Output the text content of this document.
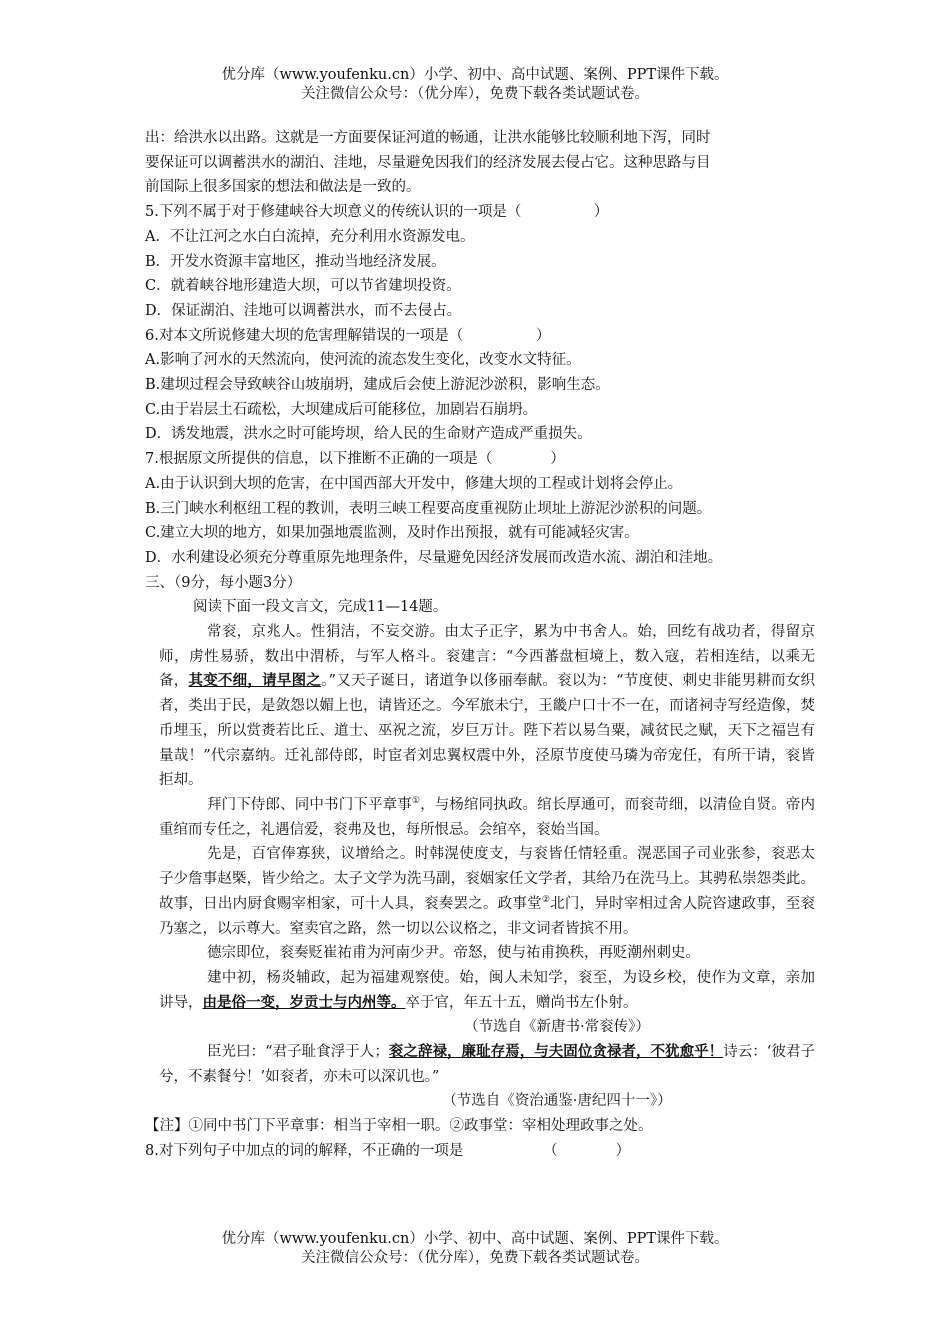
优分库（www.youfenku.cn）小学、初中、高中试题、案例、PPT课件下载。
关注微信公众号：（优分库），免费下载各类试题试卷。

出：给洪水以出路。这就是一方面要保证河道的畅通，让洪水能够比较顺利地下泻，同时

要保证可以调蓄洪水的湖泊、洼地，尽量避免因我们的经济发展去侵占它。这种思路与目

前国际上很多国家的想法和做法是一致的。

5.下列不属于对于修建峡谷大坝意义的传统认识的一项是（　　　　　）

A．不让江河之水白白流掉，充分利用水资源发电。

B．开发水资源丰富地区，推动当地经济发展。

C．就着峡谷地形建造大坝，可以节省建坝投资。

D．保证湖泊、洼地可以调蓄洪水，而不去侵占。

6.对本文所说修建大坝的危害理解错误的一项是（　　　　　）

A.影响了河水的天然流向，使河流的流态发生变化，改变水文特征。

B.建坝过程会导致峡谷山坡崩坍，建成后会使上游泥沙淤积，影响生态。

C.由于岩层土石疏松，大坝建成后可能移位，加剧岩石崩坍。

D．诱发地震，洪水之时可能垮坝，给人民的生命财产造成严重损失。

7.根据原文所提供的信息，以下推断不正确的一项是（　　　　）

A.由于认识到大坝的危害，在中国西部大开发中，修建大坝的工程或计划将会停止。

B.三门峡水利枢纽工程的教训，表明三峡工程要高度重视防止坝址上游泥沙淤积的问题。

C.建立大坝的地方，如果加强地震监测，及时作出预报，就有可能减轻灾害。

D．水利建设必须充分尊重原先地理条件，尽量避免因经济发展而改造水流、湖泊和洼地。

三、（9分，每小题3分）

阅读下面一段文言文，完成11—14题。

常衮，京兆人。性狷洁，不妄交游。由太子正字，累为中书舍人。始，回纥有战功者，得留京师，虏性易骄，数出中渭桥，与军人格斗。衮建言：“今西蕃盘桓境上，数入寇，若相连结，以乘无备，其变不细，请早图之。”又天子诞日，诸道争以侈丽奉献。衮以为：“节度使、刺史非能男耕而女织者，类出于民，是敛怨以媚上也，请皆还之。今军旅未宁，王畿户口十不一在，而诸祠寺写经造像，焚币埋玉，所以赏赉若比丘、道士、巫祝之流，岁巨万计。陛下若以易刍粟，减贫民之赋，天下之福岂有量哉！”代宗嘉纳。迁礼部侍郎，时宦者刘忠翼权震中外，泾原节度使马璘为帝宠任，有所干请，衮皆拒却。

拜门下侍郎、同中书门下平章事①，与杨绾同执政。绾长厚通可，而衮苛细，以清俭自贤。帝内重绾而专任之，礼遇信爱，衮弗及也，每所恨忌。会绾卒，衮始当国。

先是，百官俸寡狭，议增给之。时韩滉使度支，与衮皆任情轻重。滉恶国子司业张参，衮恶太子少詹事赵槩，皆少给之。太子文学为洗马副，衮姻家任文学者，其给乃在洗马上。其骋私崇怨类此。故事，日出内厨食赐宰相家，可十人具，衮奏罢之。政事堂②北门，异时宰相过舍人院咨逮政事，至衮乃塞之，以示尊大。窒卖官之路，然一切以公议格之，非文词者皆摈不用。

德宗即位，衮奏贬崔祐甫为河南少尹。帝怒，使与祐甫换秩，再贬潮州刺史。

建中初，杨炎辅政，起为福建观察使。始，闽人未知学，衮至，为设乡校，使作为文章，亲加讲导，由是俗一变，岁贡士与内州等。卒于官，年五十五，赠尚书左仆射。

（节选自《新唐书·常衮传》）

臣光曰：“君子耻食浮于人；衮之辞禄，廉耻存焉，与夫固位贪禄者，不犹愈乎！诗云：‘彼君子兮，不素餐兮！’如衮者，亦未可以深讥也。”

（节选自《资治通鉴·唐纪四十一》）

【注】①同中书门下平章事：相当于宰相一职。②政事堂：宰相处理政事之处。

8.对下列句子中加点的词的解释，不正确的一项是　　　　　　（　　　　）

优分库（www.youfenku.cn）小学、初中、高中试题、案例、PPT课件下载。
关注微信公众号：（优分库），免费下载各类试题试卷。
